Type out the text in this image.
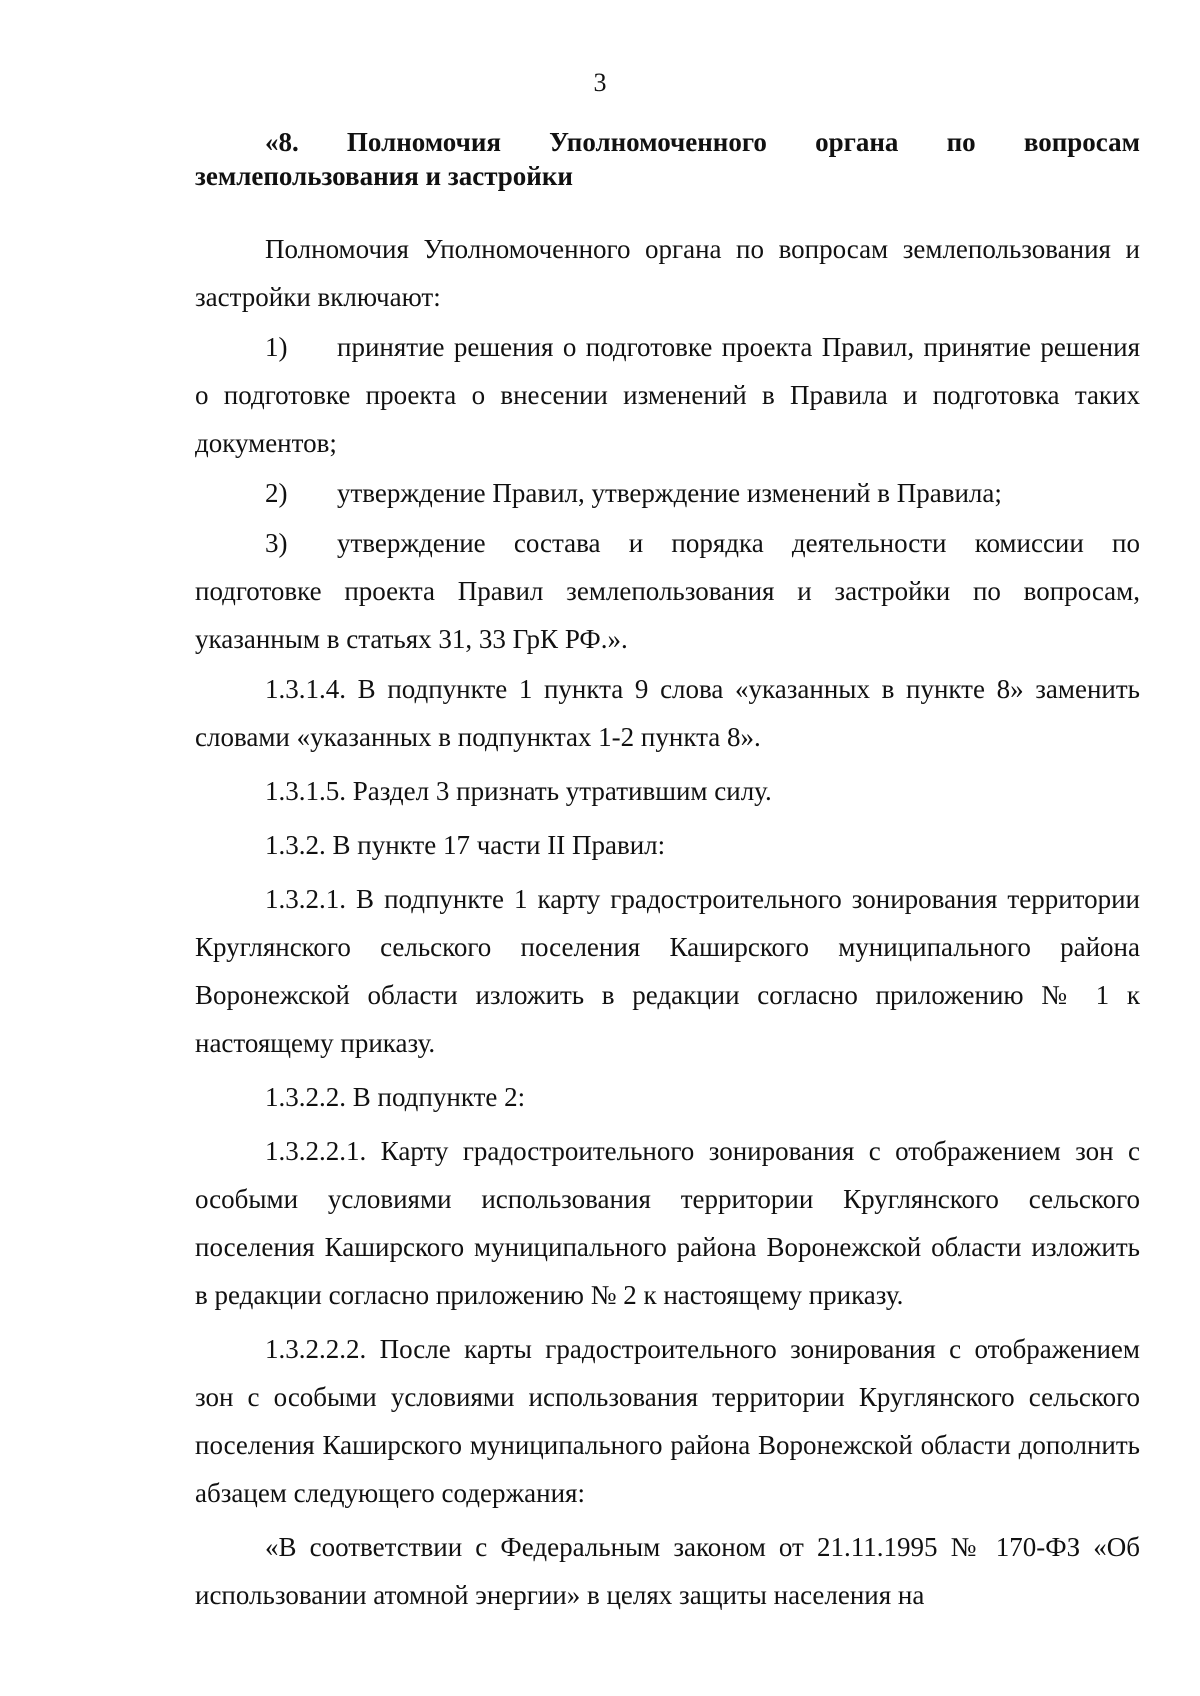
3

«8. Полномочия Уполномоченного органа по вопросам землепользования и застройки

Полномочия Уполномоченного органа по вопросам землепользования и застройки включают:

1) принятие решения о подготовке проекта Правил, принятие решения о подготовке проекта о внесении изменений в Правила и подготовка таких документов;

2) утверждение Правил, утверждение изменений в Правила;

3) утверждение состава и порядка деятельности комиссии по подготовке проекта Правил землепользования и застройки по вопросам, указанным в статьях 31, 33 ГрК РФ.».

1.3.1.4. В подпункте 1 пункта 9 слова «указанных в пункте 8» заменить словами «указанных в подпунктах 1-2 пункта 8».

1.3.1.5. Раздел 3 признать утратившим силу.

1.3.2. В пункте 17 части II Правил:

1.3.2.1. В подпункте 1 карту градостроительного зонирования территории Круглянского сельского поселения Каширского муниципального района Воронежской области изложить в редакции согласно приложению № 1 к настоящему приказу.

1.3.2.2. В подпункте 2:

1.3.2.2.1. Карту градостроительного зонирования с отображением зон с особыми условиями использования территории Круглянского сельского поселения Каширского муниципального района Воронежской области изложить в редакции согласно приложению № 2 к настоящему приказу.

1.3.2.2.2. После карты градостроительного зонирования с отображением зон с особыми условиями использования территории Круглянского сельского поселения Каширского муниципального района Воронежской области дополнить абзацем следующего содержания:

«В соответствии с Федеральным законом от 21.11.1995 № 170-ФЗ «Об использовании атомной энергии» в целях защиты населения на
